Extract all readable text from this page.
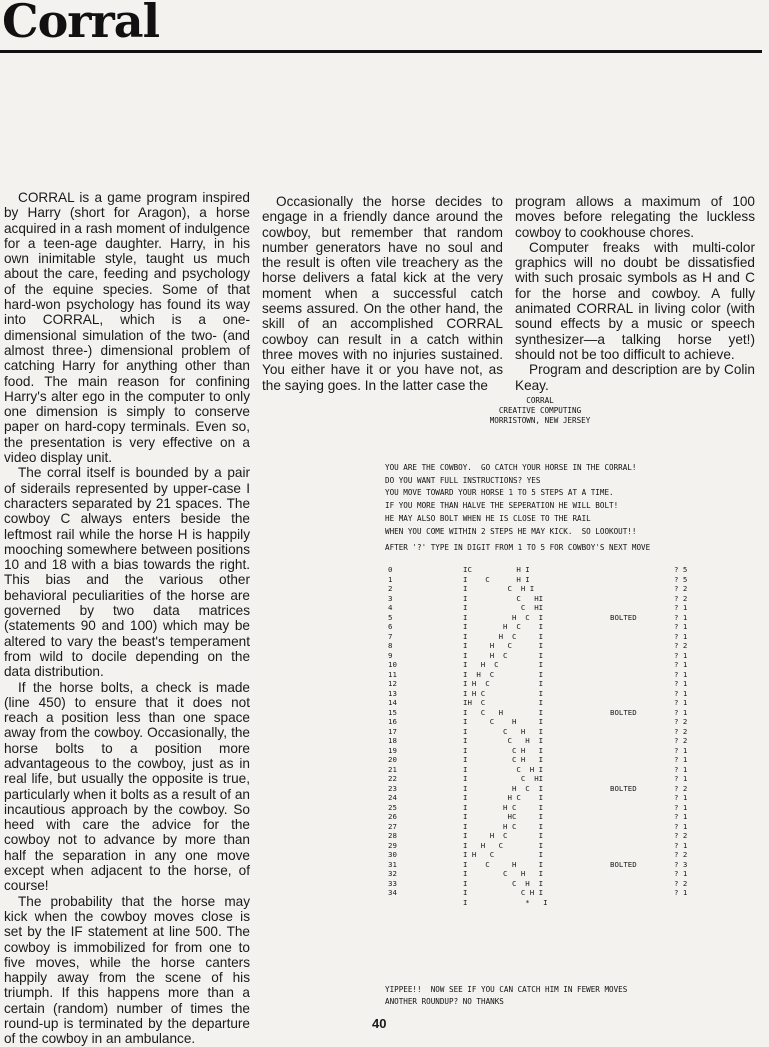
Corral

CORRAL is a game program inspired by Harry (short for Aragon), a horse acquired in a rash moment of indulgence for a teen-age daughter. Harry, in his own inimitable style, taught us much about the care, feeding and psychology of the equine species. Some of that hard-won psychology has found its way into CORRAL, which is a one-dimensional simulation of the two- (and almost three-) dimensional problem of catching Harry for anything other than food. The main reason for confining Harry's alter ego in the computer to only one dimension is simply to conserve paper on hard-copy terminals. Even so, the presentation is very effective on a video display unit.

The corral itself is bounded by a pair of siderails represented by upper-case I characters separated by 21 spaces. The cowboy C always enters beside the leftmost rail while the horse H is happily mooching somewhere between positions 10 and 18 with a bias towards the right. This bias and the various other behavioral peculiarities of the horse are governed by two data matrices (statements 90 and 100) which may be altered to vary the beast's temperament from wild to docile depending on the data distribution.

If the horse bolts, a check is made (line 450) to ensure that it does not reach a position less than one space away from the cowboy. Occasionally, the horse bolts to a position more advantageous to the cowboy, just as in real life, but usually the opposite is true, particularly when it bolts as a result of an incautious approach by the cowboy. So heed with care the advice for the cowboy not to advance by more than half the separation in any one move except when adjacent to the horse, of course!

The probability that the horse may kick when the cowboy moves close is set by the IF statement at line 500. The cowboy is immobilized for from one to five moves, while the horse canters happily away from the scene of his triumph. If this happens more than a certain (random) number of times the round-up is terminated by the departure of the cowboy in an ambulance.

Occasionally the horse decides to engage in a friendly dance around the cowboy, but remember that random number generators have no soul and the result is often vile treachery as the horse delivers a fatal kick at the very moment when a successful catch seems assured. On the other hand, the skill of an accomplished CORRAL cowboy can result in a catch within three moves with no injuries sustained. You either have it or you have not, as the saying goes. In the latter case the

program allows a maximum of 100 moves before relegating the luckless cowboy to cookhouse chores.

Computer freaks with multi-color graphics will no doubt be dissatisfied with such prosaic symbols as H and C for the horse and cowboy. A fully animated CORRAL in living color (with sound effects by a music or speech synthesizer—a talking horse yet!) should not be too difficult to achieve.

Program and description are by Colin Keay.

CORRAL
CREATIVE COMPUTING
MORRISTOWN, NEW JERSEY
YOU ARE THE COWBOY.  GO CATCH YOUR HORSE IN THE CORRAL!
DO YOU WANT FULL INSTRUCTIONS? YES
YOU MOVE TOWARD YOUR HORSE 1 TO 5 STEPS AT A TIME.
IF YOU MORE THAN HALVE THE SEPERATION HE WILL BOLT!
HE MAY ALSO BOLT WHEN HE IS CLOSE TO THE RAIL
WHEN YOU COME WITHIN 2 STEPS HE MAY KICK.  SO LOOKOUT!!
AFTER '?' TYPE IN DIGIT FROM 1 TO 5 FOR COWBOY'S NEXT MOVE
0	IC          H I	? 5
1	I    C      H I	? 5
2	I         C  H I	? 2
3	I           C   HI	? 2
4	I            C  HI	? 1
5	I          H  C  I	BOLTED	? 1
6	I        H  C    I	? 1
7	I       H  C     I	? 1
8	I     H   C      I	? 2
9	I     H  C       I	? 1
10	I   H  C         I	? 1
11	I  H  C          I	? 1
12	I H  C           I	? 1
13	I H C            I	? 1
14	IH  C            I	? 1
15	I   C   H        I	BOLTED	? 1
16	I     C    H     I	? 2
17	I        C   H   I	? 2
18	I         C   H  I	? 2
19	I          C H   I	? 1
20	I          C H   I	? 1
21	I           C  H I	? 1
22	I            C  HI	? 1
23	I          H  C  I	BOLTED	? 2
24	I         H C    I	? 1
25	I        H C     I	? 1
26	I         HC     I	? 1
27	I        H C     I	? 1
28	I     H  C       I	? 2
29	I   H   C        I	? 1
30	I H   C          I	? 2
31	I    C     H     I	BOLTED	? 3
32	I        C   H   I	? 1
33	I          C  H  I	? 2
34	I            C H I	? 1
I             *   I
YIPPEE!!  NOW SEE IF YOU CAN CATCH HIM IN FEWER MOVES
ANOTHER ROUNDUP? NO THANKS
40
